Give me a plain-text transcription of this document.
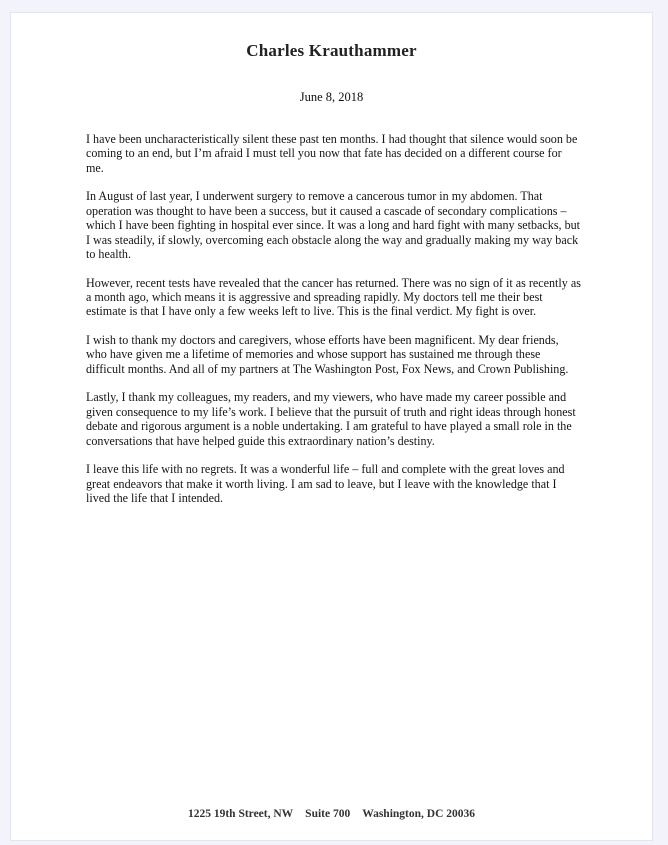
Charles Krauthammer

June 8, 2018

I have been uncharacteristically silent these past ten months. I had thought that silence would soon be coming to an end, but I’m afraid I must tell you now that fate has decided on a different course for me.

In August of last year, I underwent surgery to remove a cancerous tumor in my abdomen. That operation was thought to have been a success, but it caused a cascade of secondary complications – which I have been fighting in hospital ever since. It was a long and hard fight with many setbacks, but I was steadily, if slowly, overcoming each obstacle along the way and gradually making my way back to health.

However, recent tests have revealed that the cancer has returned. There was no sign of it as recently as a month ago, which means it is aggressive and spreading rapidly. My doctors tell me their best estimate is that I have only a few weeks left to live. This is the final verdict. My fight is over.

I wish to thank my doctors and caregivers, whose efforts have been magnificent. My dear friends, who have given me a lifetime of memories and whose support has sustained me through these difficult months. And all of my partners at The Washington Post, Fox News, and Crown Publishing.

Lastly, I thank my colleagues, my readers, and my viewers, who have made my career possible and given consequence to my life’s work. I believe that the pursuit of truth and right ideas through honest debate and rigorous argument is a noble undertaking. I am grateful to have played a small role in the conversations that have helped guide this extraordinary nation’s destiny.

I leave this life with no regrets. It was a wonderful life – full and complete with the great loves and great endeavors that make it worth living. I am sad to leave, but I leave with the knowledge that I lived the life that I intended.

1225 19th Street, NW Suite 700 Washington, DC 20036
